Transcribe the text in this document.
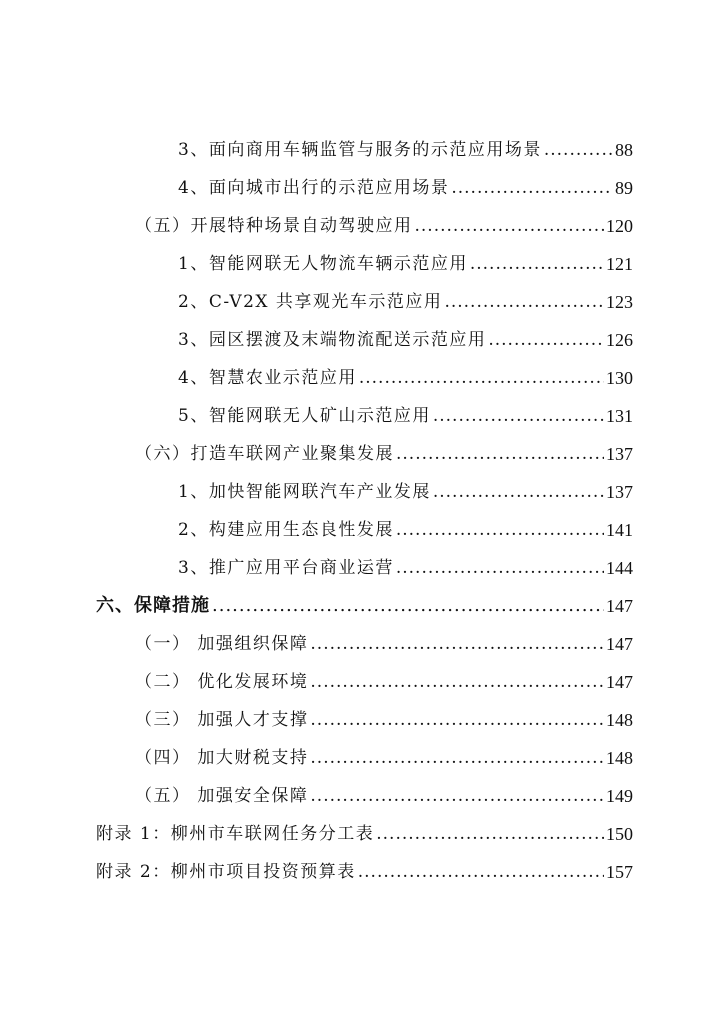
3、面向商用车辆监管与服务的示范应用场景 .....	88
4、面向城市出行的示范应用场景 .....	89
（五）开展特种场景自动驾驶应用 .....	120
1、智能网联无人物流车辆示范应用 .....	121
2、C-V2X 共享观光车示范应用 .....	123
3、园区摆渡及末端物流配送示范应用 .....	126
4、智慧农业示范应用 .....	130
5、智能网联无人矿山示范应用 .....	131
（六）打造车联网产业聚集发展 .....	137
1、加快智能网联汽车产业发展 .....	137
2、构建应用生态良性发展 .....	141
3、推广应用平台商业运营 .....	144
六、保障措施 .....	147
（一） 加强组织保障 .....	147
（二） 优化发展环境 .....	147
（三） 加强人才支撑 .....	148
（四） 加大财税支持 .....	148
（五） 加强安全保障 .....	149
附录 1：柳州市车联网任务分工表 .....	150
附录 2：柳州市项目投资预算表 .....	157
